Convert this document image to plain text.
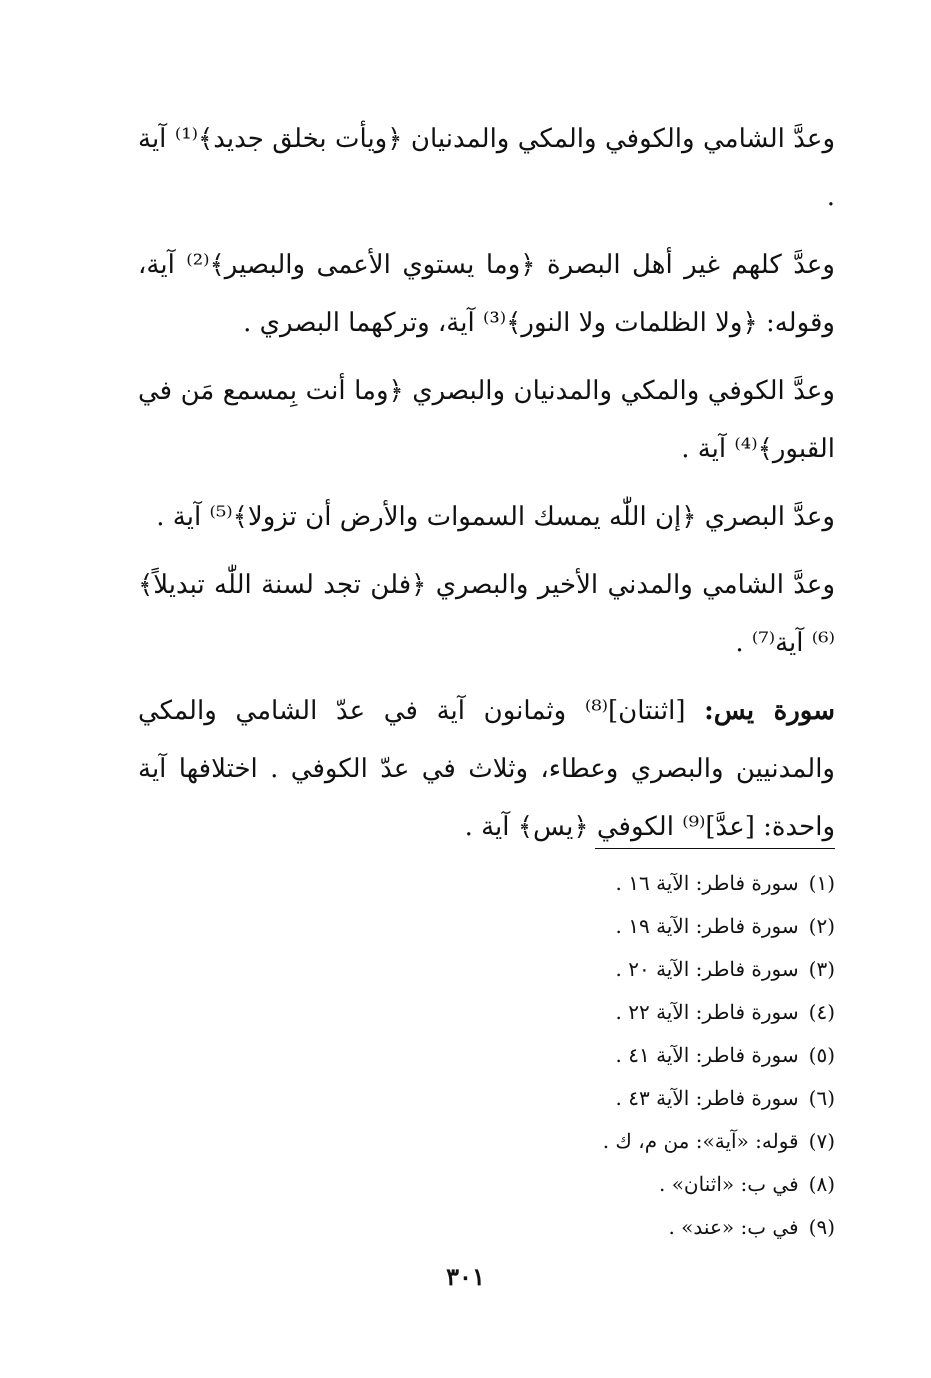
وعدَّ الشامي والكوفي والمكي والمدنيان ﴿ويأت بخلق جديد﴾⁽¹⁾ آية .

وعدَّ كلهم غير أهل البصرة ﴿وما يستوي الأعمى والبصير﴾⁽²⁾ آية، وقوله: ﴿ولا الظلمات ولا النور﴾⁽³⁾ آية، وتركهما البصري .

وعدَّ الكوفي والمكي والمدنيان والبصري ﴿وما أنت بِمسمع مَن في القبور﴾⁽⁴⁾ آية .

وعدَّ البصري ﴿إن اللّٰه يمسك السموات والأرض أن تزولا﴾⁽⁵⁾ آية .

وعدَّ الشامي والمدني الأخير والبصري ﴿فلن تجد لسنة اللّٰه تبديلاً﴾⁽⁶⁾ آية⁽⁷⁾ .

سورة يس: [اثنتان]⁽⁸⁾ وثمانون آية في عدّ الشامي والمكي والمدنيين والبصري وعطاء، وثلاث في عدّ الكوفي . اختلافها آية واحدة: [عدَّ]⁽⁹⁾ الكوفي ﴿يس﴾ آية .

(١)سورة فاطر: الآية ١٦ .
(٢)سورة فاطر: الآية ١٩ .
(٣)سورة فاطر: الآية ٢٠ .
(٤)سورة فاطر: الآية ٢٢ .
(٥)سورة فاطر: الآية ٤١ .
(٦)سورة فاطر: الآية ٤٣ .
(٧)قوله: «آية»: من م، ك .
(٨)في ب: «اثنان» .
(٩)في ب: «عند» .
٣٠١
